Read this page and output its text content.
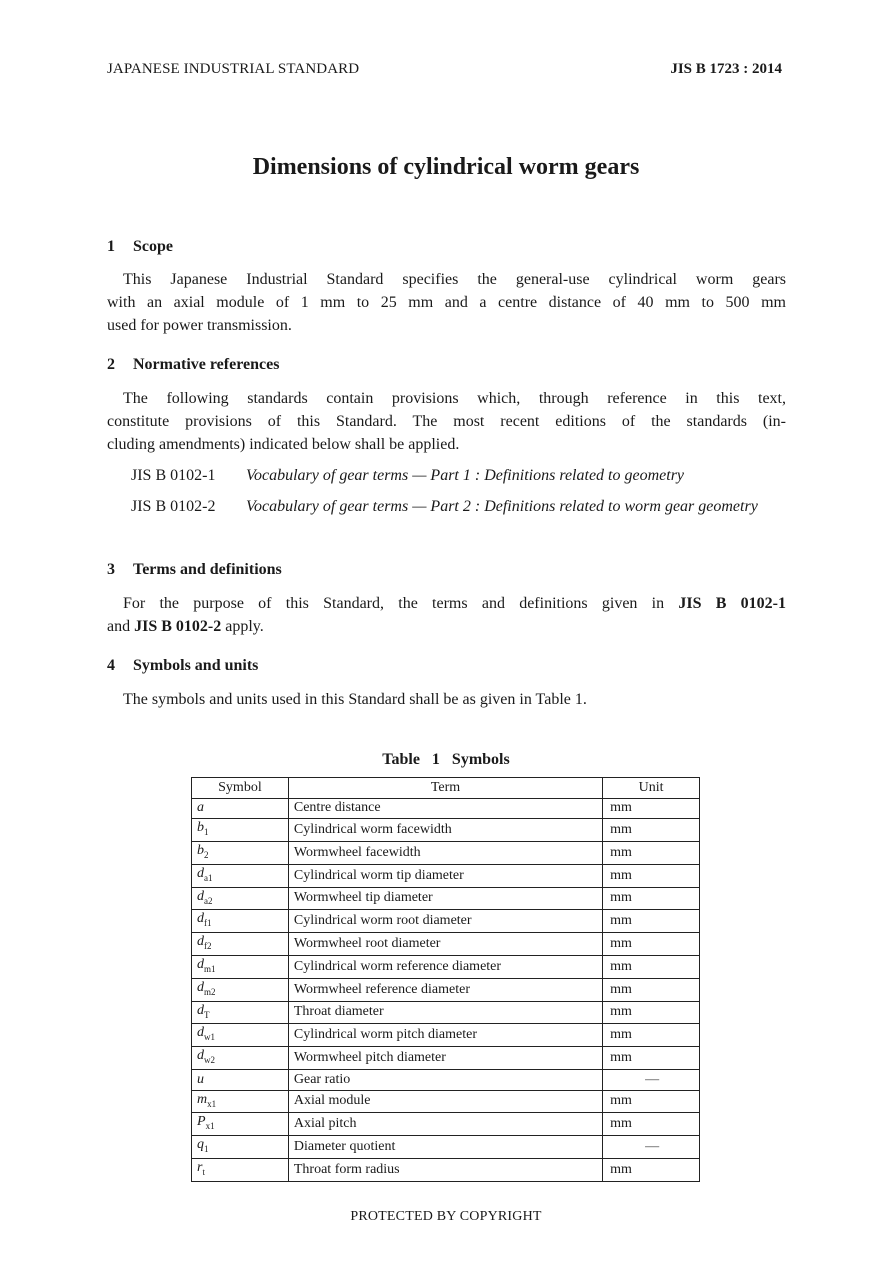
JAPANESE INDUSTRIAL STANDARD	JIS B 1723 : 2014
Dimensions of cylindrical worm gears
1 Scope
This Japanese Industrial Standard specifies the general-use cylindrical worm gears
with an axial module of 1 mm to 25 mm and a centre distance of 40 mm to 500 mm
used for power transmission.
2 Normative references
The following standards contain provisions which, through reference in this text,
constitute provisions of this Standard. The most recent editions of the standards (in-
cluding amendments) indicated below shall be applied.
JIS B 0102-1 Vocabulary of gear terms — Part 1 : Definitions related to geometry
JIS B 0102-2 Vocabulary of gear terms — Part 2 : Definitions related to worm gear geometry
3 Terms and definitions
For the purpose of this Standard, the terms and definitions given in JIS B 0102-1
and JIS B 0102-2 apply.
4 Symbols and units
The symbols and units used in this Standard shall be as given in Table 1.
Table 1 Symbols
Symbol	Term	Unit
a	Centre distance	mm
$b_1$	Cylindrical worm facewidth	mm
$b_2$	Wormwheel facewidth	mm
$d_{a1}$	Cylindrical worm tip diameter	mm
$d_{a2}$	Wormwheel tip diameter	mm
$d_{f1}$	Cylindrical worm root diameter	mm
$d_{f2}$	Wormwheel root diameter	mm
$d_{m1}$	Cylindrical worm reference diameter	mm
$d_{m2}$	Wormwheel reference diameter	mm
$d_T$	Throat diameter	mm
$d_{w1}$	Cylindrical worm pitch diameter	mm
$d_{w2}$	Wormwheel pitch diameter	mm
u	Gear ratio	—
$m_{x1}$	Axial module	mm
$P_{x1}$	Axial pitch	mm
$q_1$	Diameter quotient	—
$r_t$	Throat form radius	mm
PROTECTED BY COPYRIGHT
